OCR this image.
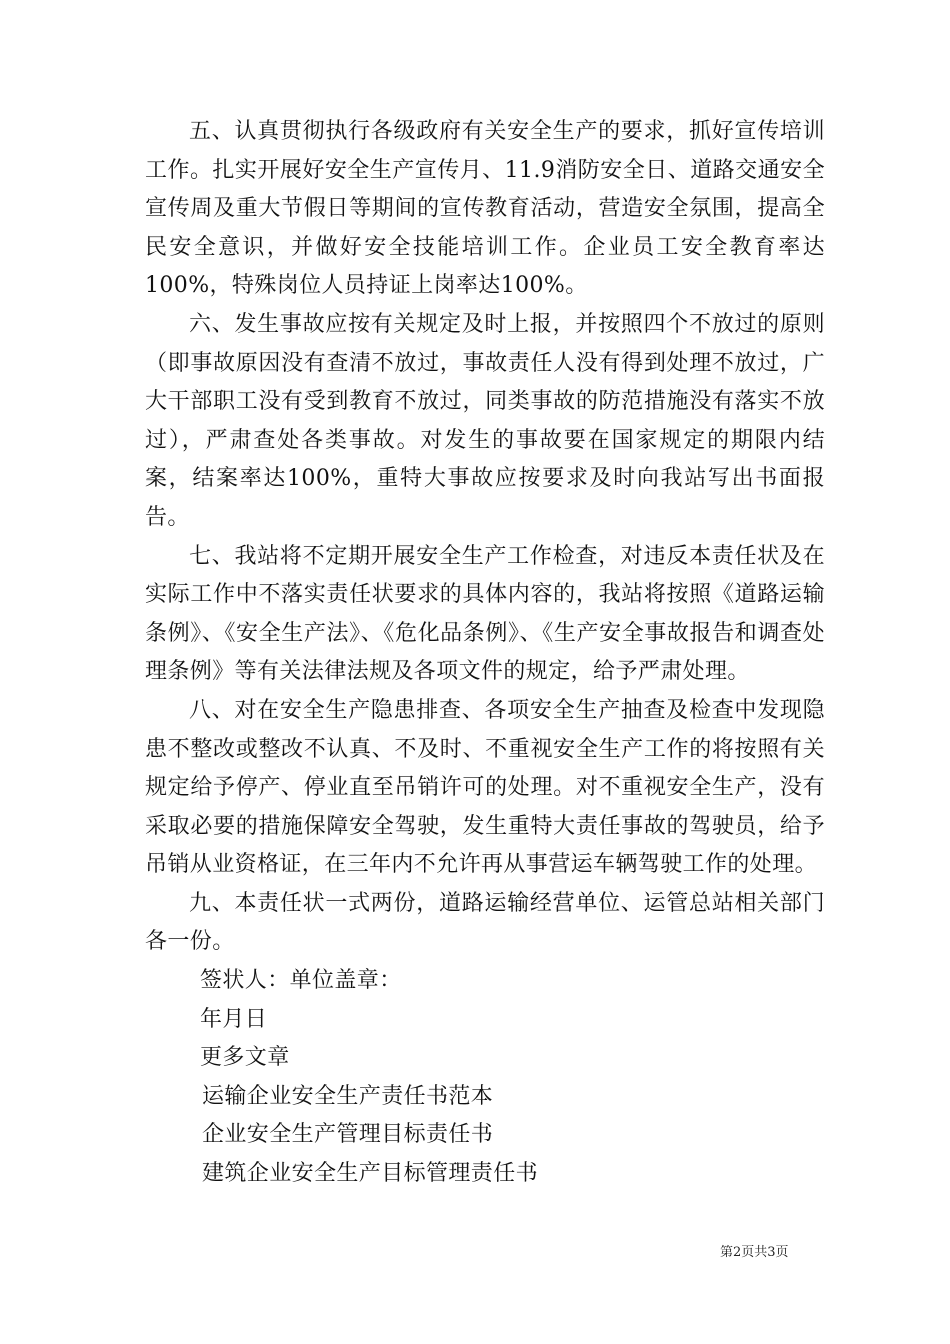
五、认真贯彻执行各级政府有关安全生产的要求，抓好宣传培训工作。扎实开展好安全生产宣传月、11.9消防安全日、道路交通安全宣传周及重大节假日等期间的宣传教育活动，营造安全氛围，提高全民安全意识，并做好安全技能培训工作。企业员工安全教育率达100%，特殊岗位人员持证上岗率达100%。

六、发生事故应按有关规定及时上报，并按照四个不放过的原则（即事故原因没有查清不放过，事故责任人没有得到处理不放过，广大干部职工没有受到教育不放过，同类事故的防范措施没有落实不放过），严肃查处各类事故。对发生的事故要在国家规定的期限内结案，结案率达100%，重特大事故应按要求及时向我站写出书面报告。

七、我站将不定期开展安全生产工作检查，对违反本责任状及在实际工作中不落实责任状要求的具体内容的，我站将按照《道路运输条例》、《安全生产法》、《危化品条例》、《生产安全事故报告和调查处理条例》等有关法律法规及各项文件的规定，给予严肃处理。

八、对在安全生产隐患排查、各项安全生产抽查及检查中发现隐患不整改或整改不认真、不及时、不重视安全生产工作的将按照有关规定给予停产、停业直至吊销许可的处理。对不重视安全生产，没有采取必要的措施保障安全驾驶，发生重特大责任事故的驾驶员，给予吊销从业资格证，在三年内不允许再从事营运车辆驾驶工作的处理。

九、本责任状一式两份，道路运输经营单位、运管总站相关部门各一份。

签状人：单位盖章：

年月日

更多文章

运输企业安全生产责任书范本

企业安全生产管理目标责任书

建筑企业安全生产目标管理责任书

第2页共3页
